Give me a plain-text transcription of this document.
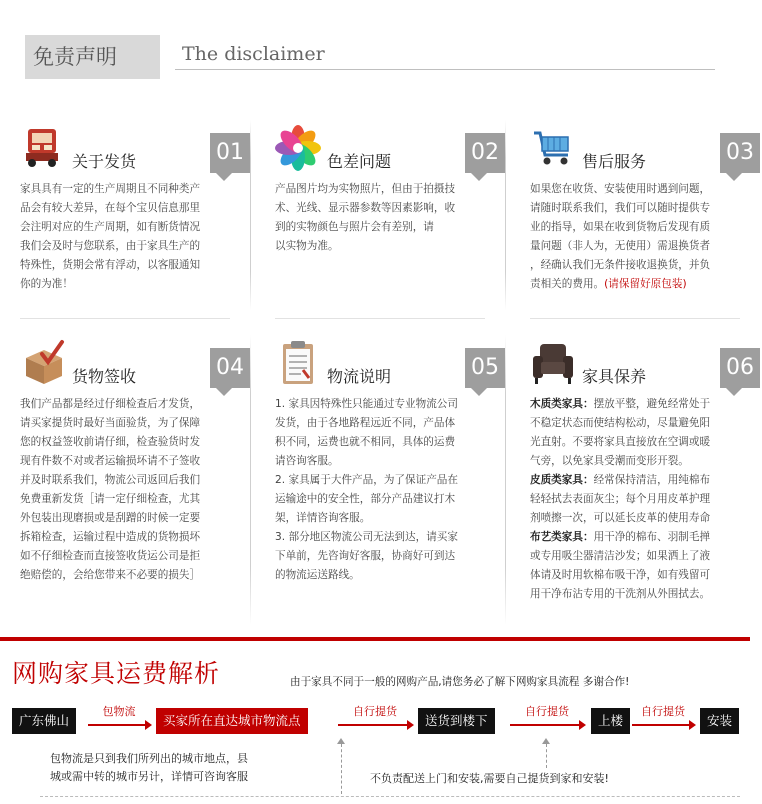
免责声明	The disclaimer
关于发货	01

家具具有一定的生产周期且不同种类产

品会有较大差异，在每个宝贝信息那里

会注明对应的生产周期，如有断货情况

我们会及时与您联系，由于家具生产的

特殊性，货期会常有浮动，以客服通知

你的为准！

色差问题	02

产品图片均为实物照片，但由于拍摄技

术、光线、显示器参数等因素影响，收

到的实物颜色与照片会有差别，请

以实物为准。

售后服务	03

如果您在收货、安装使用时遇到问题，

请随时联系我们，我们可以随时提供专

业的指导，如果在收到货物后发现有质

量问题（非人为，无使用）需退换货者

，经确认我们无条件接收退换货，并负

责相关的费用。(请保留好原包装)

货物签收	04

我们产品都是经过仔细检查后才发货，

请买家提货时最好当面验货，为了保障

您的权益签收前请仔细，检查验货时发

现有件数不对或者运输损坏请不子签收

并及时联系我们，物流公司返回后我们

免费重新发货［请一定仔细检查，尤其

外包装出现磨损或是刮蹭的时候一定要

拆箱检查，运输过程中造成的货物损坏

如不仔细检查而直接签收货运公司是拒

绝赔偿的，会给您带来不必要的损失］

物流说明	05

1. 家具因特殊性只能通过专业物流公司

发货，由于各地路程远近不同，产品体

积不同，运费也就不相同，具体的运费

请咨询客服。

2. 家具属于大件产品，为了保证产品在

运输途中的安全性，部分产品建议打木

架，详情咨询客服。

3. 部分地区物流公司无法到达，请买家

下单前，先咨询好客服，协商好可到达

的物流运送路线。

家具保养	06

木质类家具：摆放平整，避免经常处于

不稳定状态而使结构松动，尽量避免阳

光直射。不要将家具直接放在空调或暖

气旁，以免家具受潮而变形开裂。

皮质类家具：经常保持清洁，用纯棉布

轻轻拭去表面灰尘；每个月用皮革护理

剂喷擦一次，可以延长皮革的使用寿命

布艺类家具：用干净的棉布、羽制毛掸

或专用吸尘器清洁沙发；如果洒上了液

体请及时用软棉布吸干净，如有残留可

用干净布沾专用的干洗剂从外围拭去。

网购家具运费解析	由于家具不同于一般的网购产品,请您务必了解下网购家具流程 多谢合作!
广东佛山
包物流
买家所在直达城市物流点
自行提货
送货到楼下
自行提货
上楼
自行提货
安装
包物流是只到我们所列出的城市地点，县
城或需中转的城市另计，详情可咨询客服	不负责配送上门和安装,需要自己提货到家和安装!
